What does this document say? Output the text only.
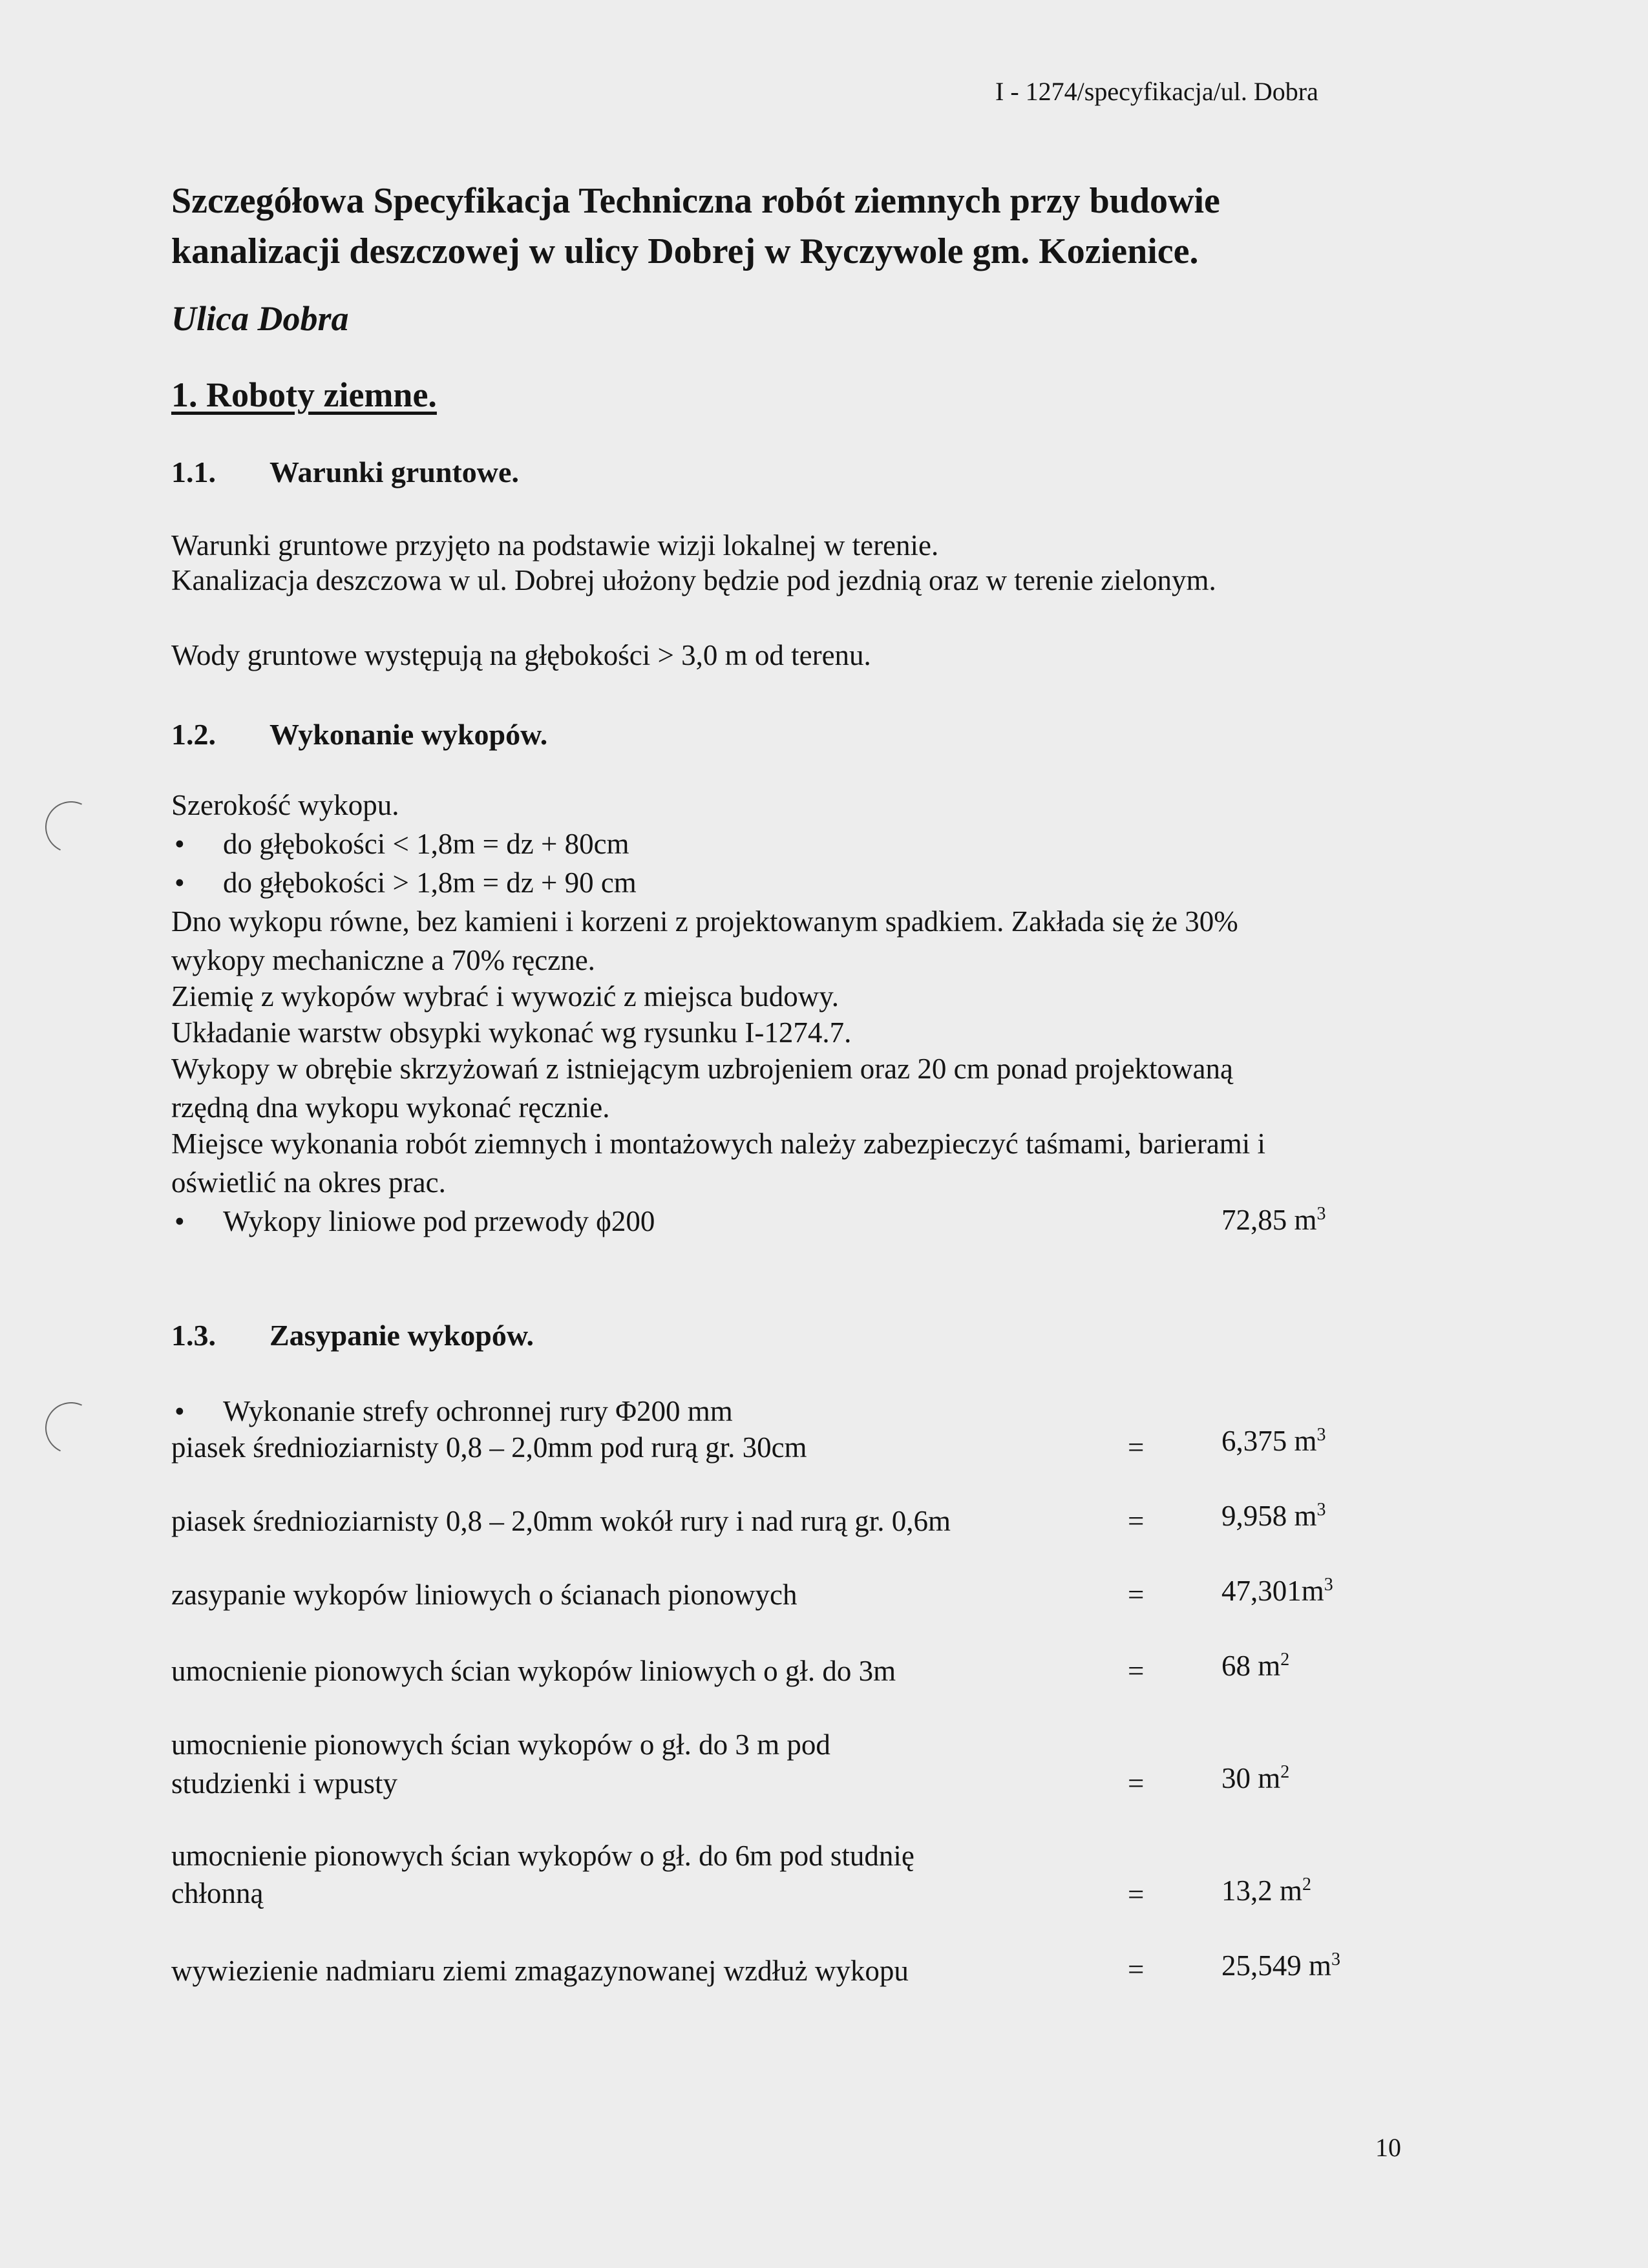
I - 1274/specyfikacja/ul. Dobra
Szczegółowa Specyfikacja Techniczna robót ziemnych przy budowie
kanalizacji deszczowej w ulicy Dobrej w Ryczywole gm. Kozienice.
Ulica Dobra
1. Roboty ziemne.
1.1. Warunki gruntowe.
Warunki gruntowe przyjęto na podstawie wizji lokalnej w terenie.
Kanalizacja deszczowa w ul. Dobrej ułożony będzie pod jezdnią oraz w terenie zielonym.
Wody gruntowe występują na głębokości > 3,0 m od terenu.
1.2. Wykonanie wykopów.
Szerokość wykopu.
• do głębokości < 1,8m = dz + 80cm
• do głębokości > 1,8m = dz + 90 cm
Dno wykopu równe, bez kamieni i korzeni z projektowanym spadkiem. Zakłada się że 30%
wykopy mechaniczne a 70% ręczne.
Ziemię z wykopów wybrać i wywozić z miejsca budowy.
Układanie warstw obsypki wykonać wg rysunku I-1274.7.
Wykopy w obrębie skrzyżowań z istniejącym uzbrojeniem oraz 20 cm ponad projektowaną
rzędną dna wykopu wykonać ręcznie.
Miejsce wykonania robót ziemnych i montażowych należy zabezpieczyć taśmami, barierami i
oświetlić na okres prac.
• Wykopy liniowe pod przewody ϕ200	72,85 $m^3$
1.3. Zasypanie wykopów.
• Wykonanie strefy ochronnej rury Φ200 mm
piasek średnioziarnisty 0,8 – 2,0mm pod rurą gr. 30cm	=	6,375 $m^3$
piasek średnioziarnisty 0,8 – 2,0mm wokół rury i nad rurą gr. 0,6m	=	9,958 $m^3$
zasypanie wykopów liniowych o ścianach pionowych	=	$47,301m^3$
umocnienie pionowych ścian wykopów liniowych o gł. do 3m	=	68 $m^2$
umocnienie pionowych ścian wykopów o gł. do 3 m pod
studzienki i wpusty	=	30 $m^2$
umocnienie pionowych ścian wykopów o gł. do 6m pod studnię
chłonną	=	13,2 $m^2$
wywiezienie nadmiaru ziemi zmagazynowanej wzdłuż wykopu	=	25,549 $m^3$
10
